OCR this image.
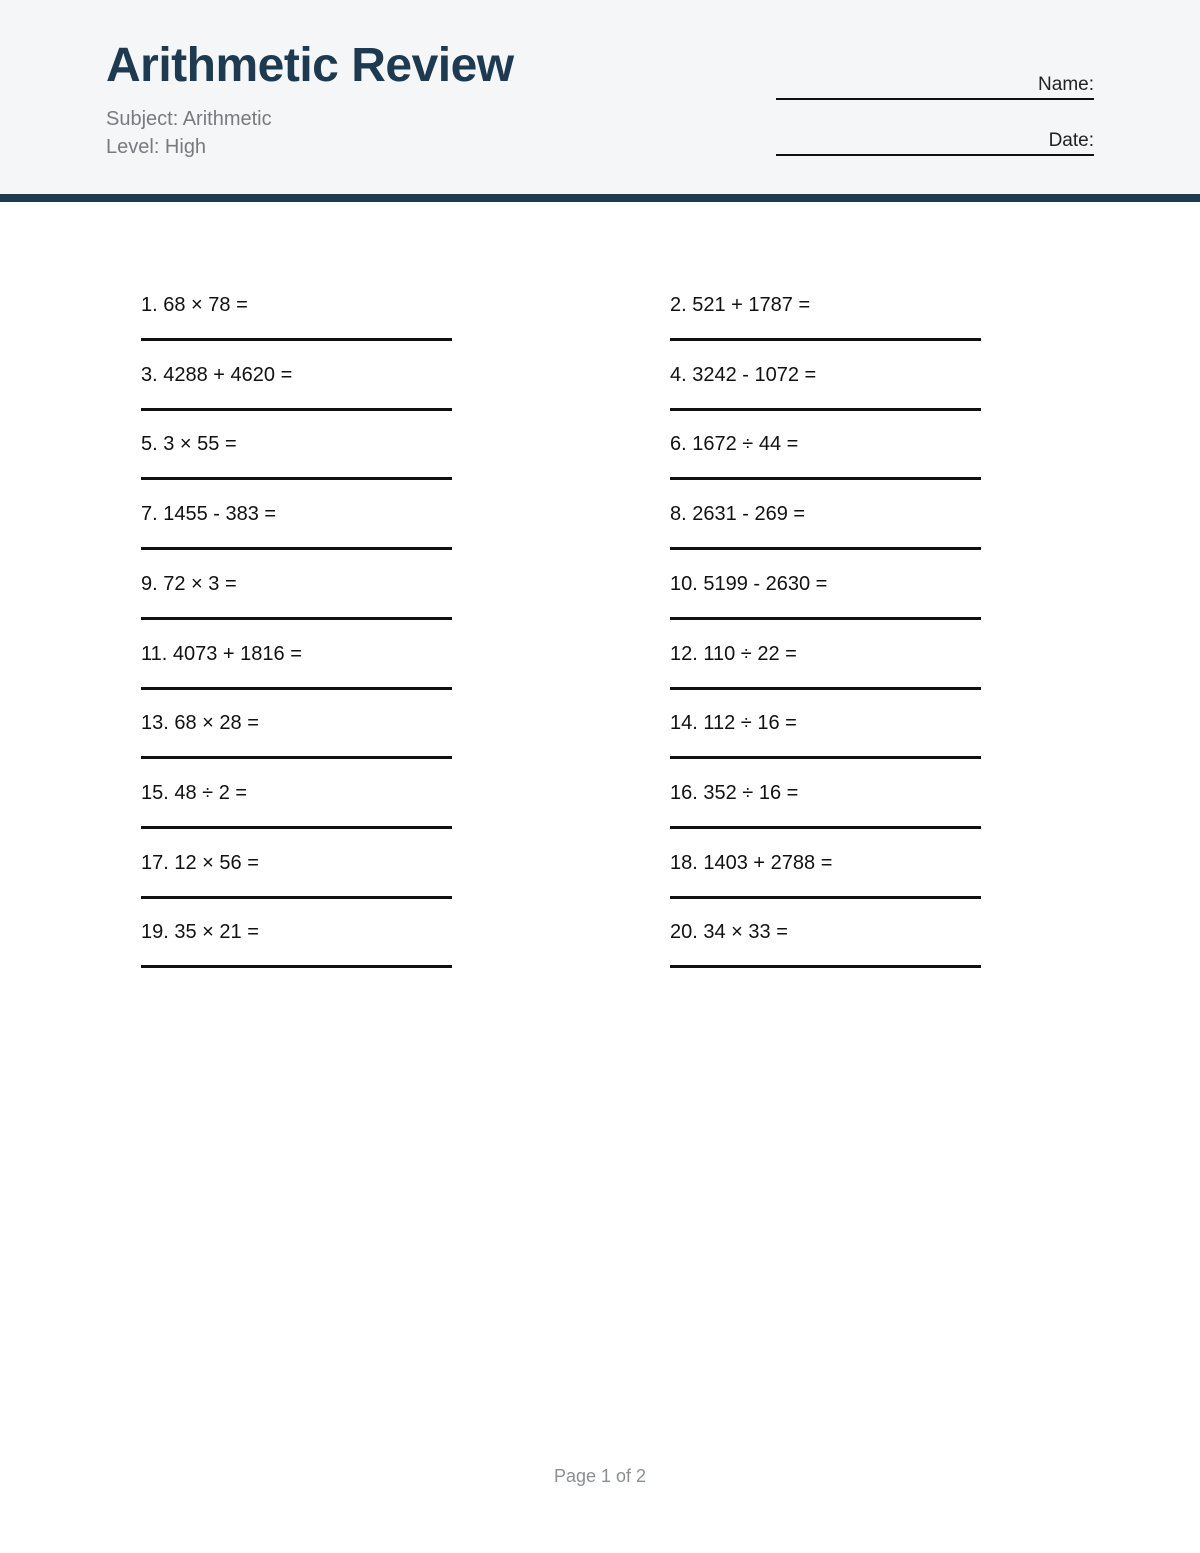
Arithmetic Review
Subject: Arithmetic
Level: High
Name:
Date:
1. 68 × 78 =	2. 521 + 1787 =
3. 4288 + 4620 =	4. 3242 - 1072 =
5. 3 × 55 =	6. 1672 ÷ 44 =
7. 1455 - 383 =	8. 2631 - 269 =
9. 72 × 3 =	10. 5199 - 2630 =
11. 4073 + 1816 =	12. 110 ÷ 22 =
13. 68 × 28 =	14. 112 ÷ 16 =
15. 48 ÷ 2 =	16. 352 ÷ 16 =
17. 12 × 56 =	18. 1403 + 2788 =
19. 35 × 21 =	20. 34 × 33 =
Page 1 of 2
